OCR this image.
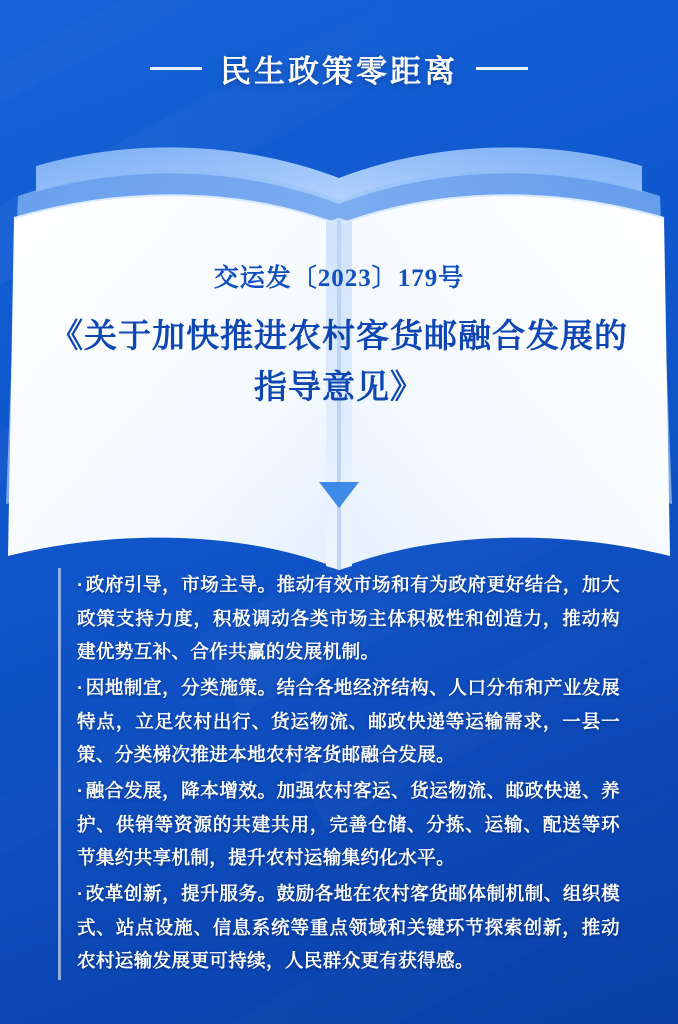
民生政策零距离
交运发〔2023〕179号
《关于加快推进农村客货邮融合发展的指导意见》

· 政府引导，市场主导。推动有效市场和有为政府更好结合，加大政策支持力度，积极调动各类市场主体积极性和创造力，推动构建优势互补、合作共赢的发展机制。

· 因地制宜，分类施策。结合各地经济结构、人口分布和产业发展特点，立足农村出行、货运物流、邮政快递等运输需求，一县一策、分类梯次推进本地农村客货邮融合发展。

· 融合发展，降本增效。加强农村客运、货运物流、邮政快递、养护、供销等资源的共建共用，完善仓储、分拣、运输、配送等环节集约共享机制，提升农村运输集约化水平。

· 改革创新，提升服务。鼓励各地在农村客货邮体制机制、组织模式、站点设施、信息系统等重点领域和关键环节探索创新，推动农村运输发展更可持续，人民群众更有获得感。
